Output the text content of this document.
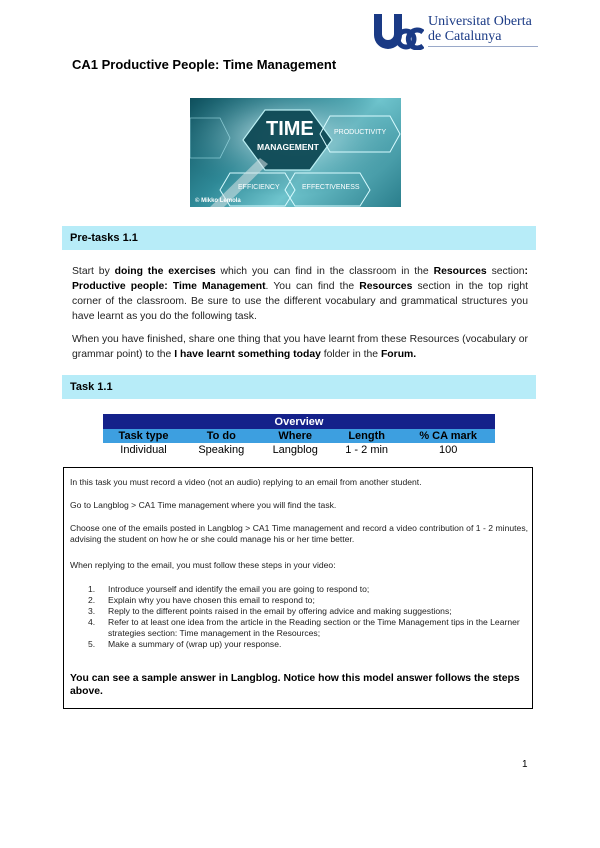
Universitat Oberta
de Catalunya
CA1 Productive People: Time Management
TIME
MANAGEMENT
PRODUCTIVITY
EFFICIENCY	EFFECTIVENESS
© Mikko Lemola
Pre-tasks 1.1
Start by doing the exercises which you can find in the classroom in the Resources section: Productive people: Time Management. You can find the Resources section in the top right corner of the classroom. Be sure to use the different vocabulary and grammatical structures you have learnt as you do the following task.
When you have finished, share one thing that you have learnt from these Resources (vocabulary or grammar point) to the I have learnt something today folder in the Forum.
Task 1.1
Overview				
Task type	To do	Where	Length	% CA mark
Individual	Speaking	Langblog	1 - 2 min	100
In this task you must record a video (not an audio) replying to an email from another student.
Go to Langblog > CA1 Time management where you will find the task.
Choose one of the emails posted in Langblog > CA1 Time management and record a video contribution of 1 - 2 minutes, advising the student on how he or she could manage his or her time better.
When replying to the email, you must follow these steps in your video:
1. Introduce yourself and identify the email you are going to respond to;
2. Explain why you have chosen this email to respond to;
3. Reply to the different points raised in the email by offering advice and making suggestions;
4. Refer to at least one idea from the article in the Reading section or the Time Management tips in the Learner strategies section: Time management in the Resources;
5. Make a summary of (wrap up) your response.
You can see a sample answer in Langblog. Notice how this model answer follows the steps above.
1
